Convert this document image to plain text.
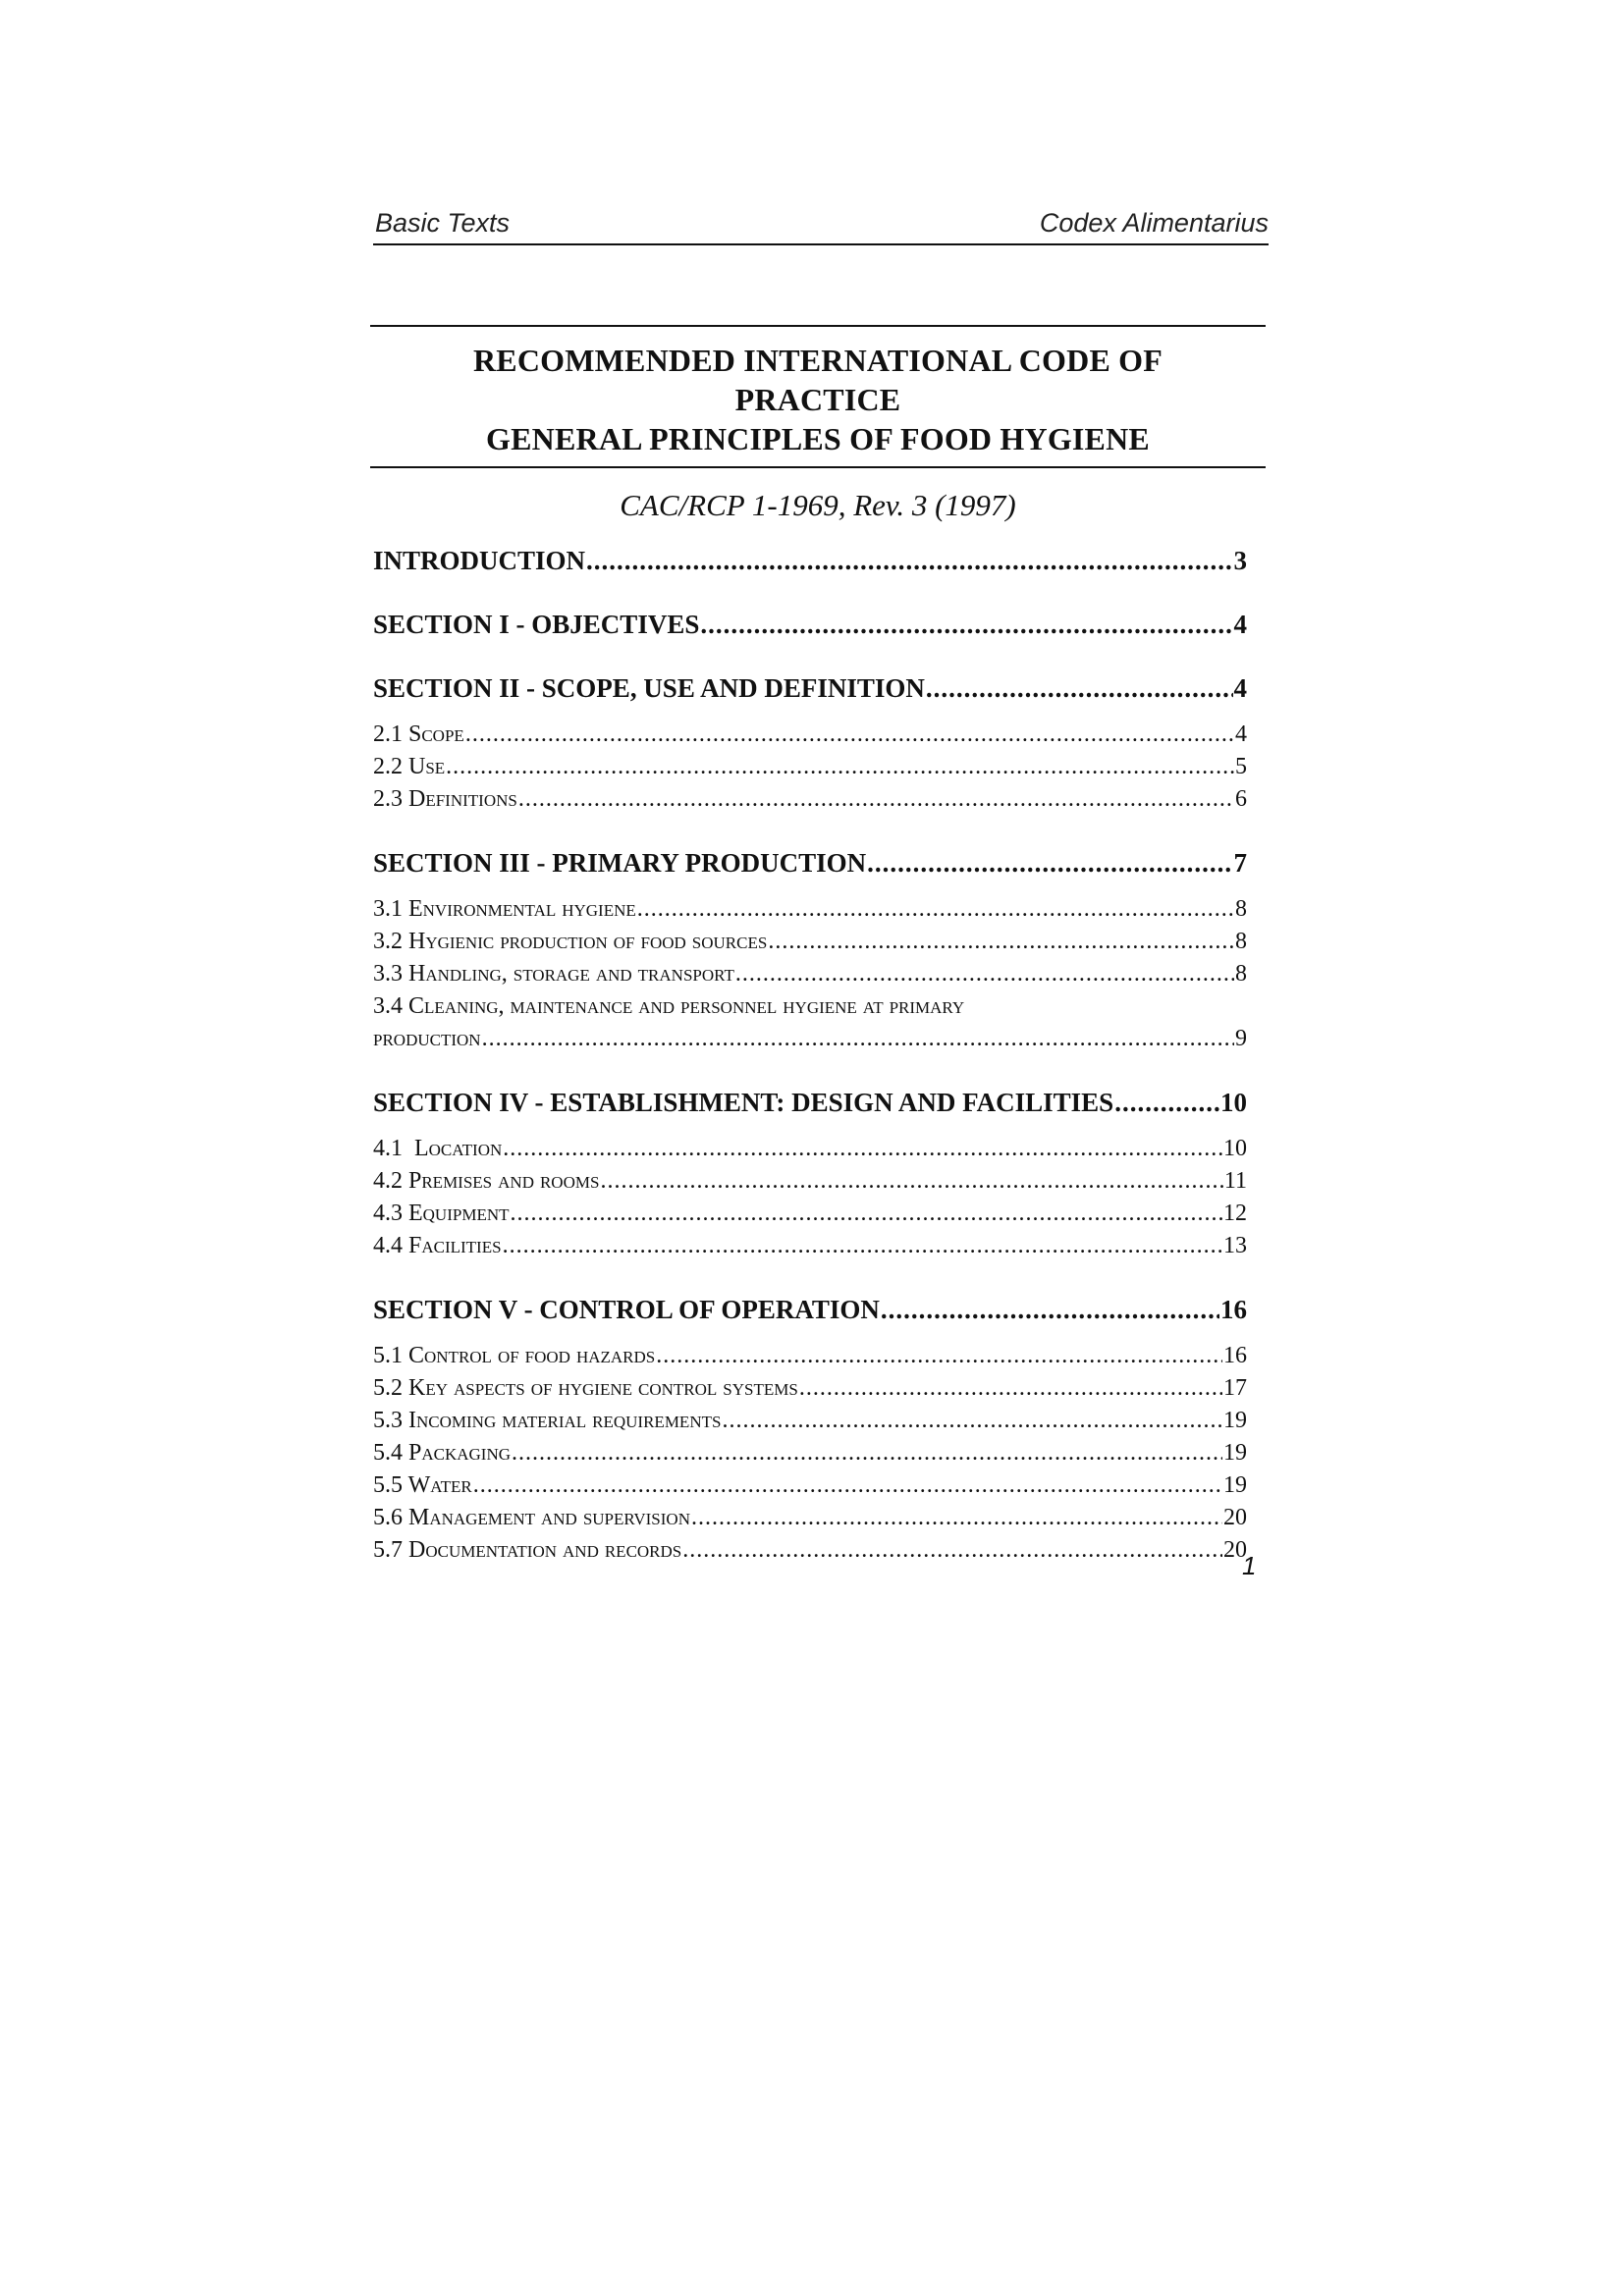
Basic Texts	Codex Alimentarius
RECOMMENDED INTERNATIONAL CODE OF
PRACTICE
GENERAL PRINCIPLES OF FOOD HYGIENE
CAC/RCP 1-1969, Rev. 3 (1997)
INTRODUCTION .....	3
SECTION I - OBJECTIVES .....	4
SECTION II - SCOPE, USE AND DEFINITION .....	4
2.1 Scope .....	4
2.2 Use .....	5
2.3 Definitions .....	6
SECTION III - PRIMARY PRODUCTION .....	7
3.1 Environmental hygiene .....	8
3.2 Hygienic production of food sources .....	8
3.3 Handling, storage and transport .....	8
3.4 Cleaning, maintenance and personnel hygiene at primary
production .....	9
SECTION IV - ESTABLISHMENT: DESIGN AND FACILITIES .....	10
4.1  Location .....	10
4.2 Premises and rooms .....	11
4.3 Equipment .....	12
4.4 Facilities .....	13
SECTION V - CONTROL OF OPERATION .....	16
5.1 Control of food hazards .....	16
5.2 Key aspects of hygiene control systems .....	17
5.3 Incoming material requirements .....	19
5.4 Packaging .....	19
5.5 Water .....	19
5.6 Management and supervision .....	20
5.7 Documentation and records .....	20
1
